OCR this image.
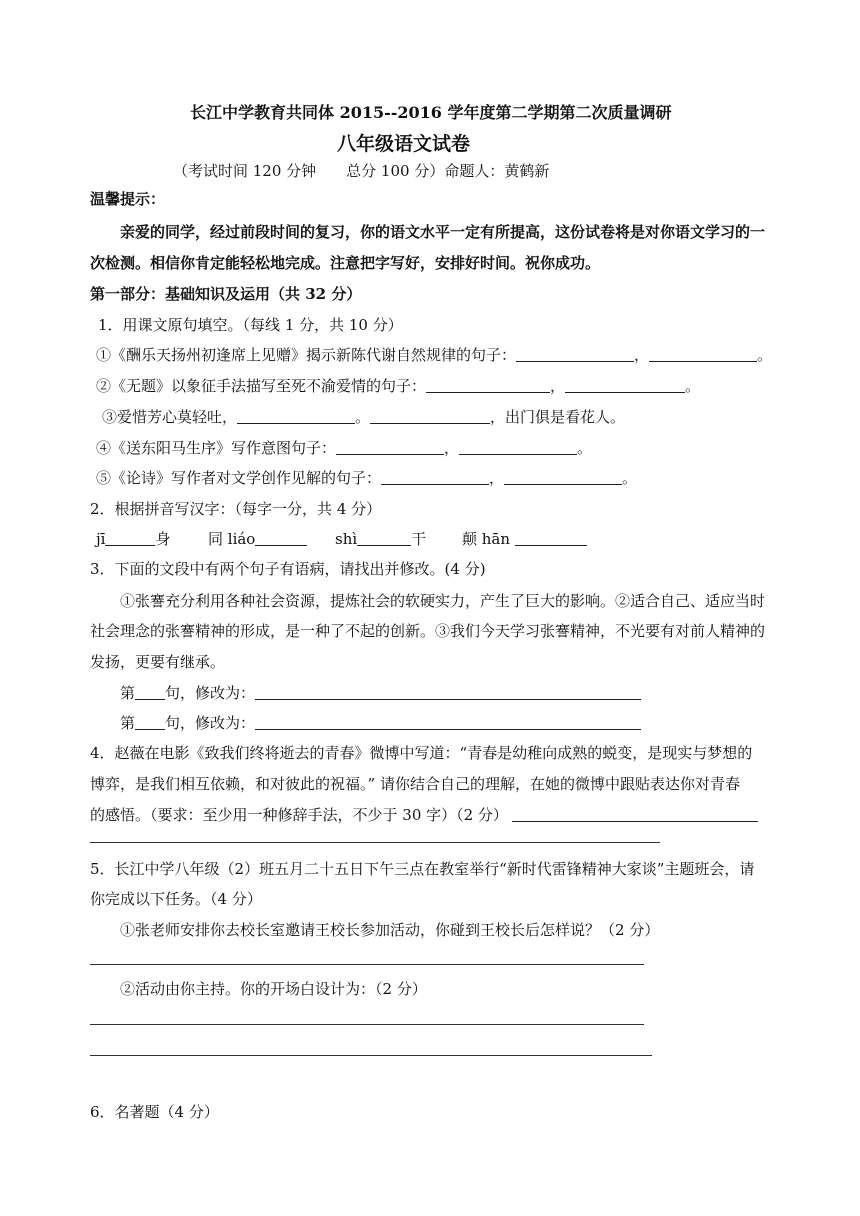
长江中学教育共同体 2015--2016 学年度第二学期第二次质量调研
八年级语文试卷
（考试时间 120 分钟　　总分 100 分）命题人：黄鹤新
温馨提示：
亲爱的同学，经过前段时间的复习，你的语文水平一定有所提高，这份试卷将是对你语文学习的一
次检测。相信你肯定能轻松地完成。注意把字写好，安排好时间。祝你成功。
第一部分：基础知识及运用（共 32 分）
1．用课文原句填空。（每线 1 分，共 10 分）
①《酬乐天扬州初逢席上见赠》揭示新陈代谢自然规律的句子：	，	。
②《无题》以象征手法描写至死不渝爱情的句子：	，	。
③爱惜芳心莫轻吐，	。	，出门俱是看花人。
④《送东阳马生序》写作意图句子：	，	。
⑤《论诗》写作者对文学创作见解的句子：	，	。
2．根据拼音写汉字：（每字一分，共 4 分）
jī	身	同 liáo	shì	干 颠 hān
3．下面的文段中有两个句子有语病，请找出并修改。(4 分)
①张謇充分利用各种社会资源，提炼社会的软硬实力，产生了巨大的影响。②适合自己、适应当时
社会理念的张謇精神的形成，是一种了不起的创新。③我们今天学习张謇精神，不光要有对前人精神的
发扬，更要有继承。
第 句，修改为：
第 句，修改为：
4．赵薇在电影《致我们终将逝去的青春》微博中写道：“青春是幼稚向成熟的蜕变，是现实与梦想的
博弈，是我们相互依赖，和对彼此的祝福。” 请你结合自己的理解，在她的微博中跟贴表达你对青春
的感悟。（要求：至少用一种修辞手法，不少于 30 字）（2 分）
5．长江中学八年级（2）班五月二十五日下午三点在教室举行“新时代雷锋精神大家谈”主题班会，请
你完成以下任务。（4 分）
①张老师安排你去校长室邀请王校长参加活动，你碰到王校长后怎样说？（2 分）
②活动由你主持。你的开场白设计为：（2 分）
6．名著题（4 分）
